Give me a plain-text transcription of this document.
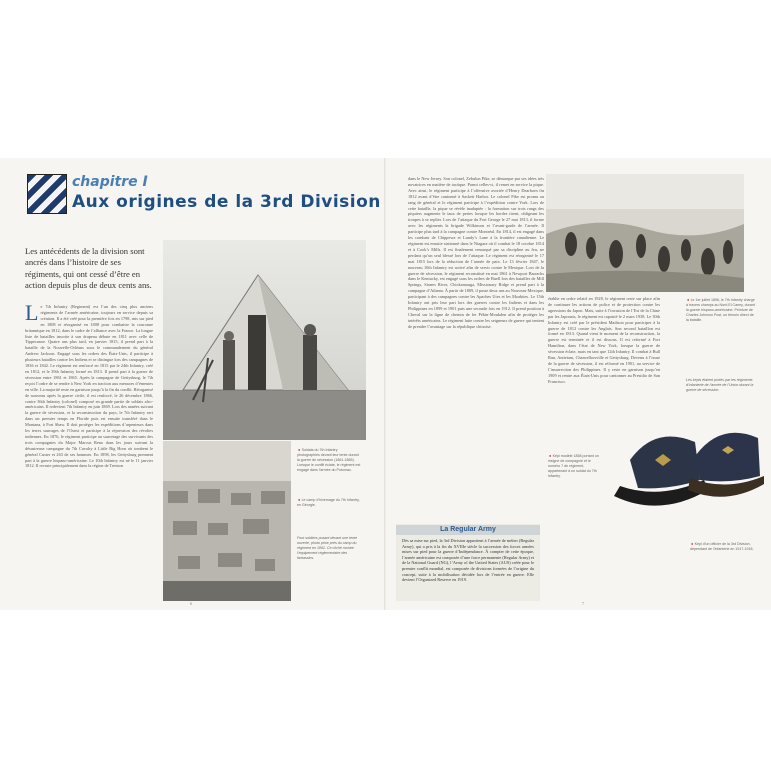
chapitre I
Aux origines de la 3rd Division
Les antécédents de la division sont ancrés dans l’histoire de ses régiments, qui ont cessé d’être en action depuis plus de deux cents ans.
Le 7th Infantry (Regiment) est l’un des cinq plus anciens régiments de l’armée américaine, toujours en service depuis sa création. Il a été créé pour la première fois en 1798, mis sur pied en 1808 et réorganisé en 1808 pour combattre la couronne britannique en 1812, dans le cadre de l’alliance avec la France. La longue liste de batailles inscrite à son drapeau débute en 1811 avec celle de Tippecanoe. Quatre ans plus tard, en janvier 1815, il prend part à la bataille de la Nouvelle-Orléans sous le commandement du général Andrew Jackson. Engagé sous les ordres des États-Unis, il participe à plusieurs batailles contre les Indiens et se distingue lors des campagnes de 1836 et 1842. Le régiment est renforcé en 1815 par le 24th Infantry, créé en 1812, et le 39th Infantry formé en 1813. Il prend part à la guerre de sécession entre 1861 et 1865. Après la campagne de Gettysburg, le 7th reçoit l’ordre de se rendre à New York en traction aux menaces d’émeutes en ville. La majorité reste en garnison jusqu’à la fin du conflit. Réorganisé de nouveau après la guerre civile, il est renforcé, le 26 décembre 1866, contre 36th Infantry (colonel) composé en grande partie de soldats afro-américains. Il redevient 7th Infantry en juin 1869. Lors des années suivant la guerre de sécession, et la reconstruction du pays, le 7th Infantry sert dans un premier temps en Floride puis est ensuite transféré dans le Montana, à Fort Shaw. Il doit protéger les expéditions d’arpenteurs dans les terres sauvages de l’Ouest et participe à la répression des révoltes indiennes. En 1876, le régiment participe au sauvetage des survivants des trois compagnies du Major Marcus Reno dans les jours suivant la désastreuse campagne du 7th Cavalry à Little Big Horn où tombent le général Custer et 263 de ses hommes. En 1898, les Gettysburg prennent part à la guerre hispano-américaine. Le 10th Infantry est né le 11 janvier 1812. Il recrute principalement dans la région de Trenton
◄ Soldats du 7th Infantry photographiés devant leur tente durant la guerre de sécession (1861-1865). Lorsque le conflit éclate, le régiment est engagé dans l’armée du Potomac.
◄ Le camp d’hivernage du 7th Infantry, en Géorgie.
Foot soldiers posant devant une tente ouverte, photo prise près du camp du régiment en 1862. Ce cliché montre l’équipement réglementaire des fantassins.
6
dans le New Jersey. Son colonel, Zebulon Pike, se démarque par ses idées très novatrices en matière de tactique. Parmi celles-ci, il remet en service la pique. Avec ainsi, le régiment participe à l’offensive avortée d’Henry Dearborn fin 1812 avant d’être cantonné à Sackett Harbor. Le colonel Pike est promu au rang de général et le régiment participe à l’expédition contre York. Lors de cette bataille, la pique se révèle inadaptée : la formation sur trois rangs des piquiers augmente le taux de pertes lorsque les hordes tirent, obligeant les troupes à se replier. Lors de l’attaque du Fort George le 27 mai 1813, il forme avec les régiments la brigade Wilkinson et l’avant-garde de l’armée. Il participe plus tard à la campagne contre Montréal. En 1814, il est engagé dans les combats de Chippewa et Lundy’s Lane à la frontière canadienne. Le régiment est ensuite stationné dans le Niagara où il combat le 18 octobre 1814 et à Cook’s Mills. Il est finalement remarqué par sa discipline au feu, ne perdant qu’un seul blessé lors de l’attaque. Le régiment est réorganisé le 17 mai 1815 lors de la réduction de l’armée de paix. Le 13 février 1847, le nouveau 10th Infantry est activé afin de servir contre le Mexique. Lors de la guerre de sécession, le régiment reconstitué en mai 1861 à Newport Barracks dans le Kentucky, est engagé sous les ordres de Buell lors des batailles de Mill Springs, Stones River, Chickamauga, Missionary Ridge et prend part à la campagne d’Atlanta. À partir de 1869, il passe deux ans au Nouveau-Mexique, participant à des campagnes contre les Apaches Utes et les Moabites. Le 15th Infantry ont pris leur part lors des guerres contre les Indiens et dans les Philippines en 1899 et 1901 puis une seconde fois en 1912. Il prend position à Cheval sur la ligne de chemin de fer Pékin-Moukden afin de protéger les intérêts américains. Le régiment lutte contre les seigneurs de guerre qui tentent de prendre l’avantage sur la république chinoise.
établie en ordre relatif en 1928, le régiment reste sur place afin de continuer les actions de police et de protection contre les agressions du Japon. Mais, suite à l’invasion de l’Est de la Chine par les Japonais, le régiment est rapatrié le 2 mars 1938. Le 30th Infantry est créé par le président Madison pour participer à la guerre de 1812 contre les Anglais. Son second bataillon est formé en 1813. Quand vient le moment de la reconstruction, la guerre est terminée et il est dissous. Il est reformé à Fort Hamilton, dans l’état de New York, lorsque la guerre de sécession éclate, mais en tant que 12th Infantry. Il combat à Bull Run, Antietam, Chancellorsville et Gettysburg. Devenu à l’issue de la guerre de sécession, il est réformé en 1901, au service de l’insurrection des Philippines. Il y reste en garnison jusqu’en 1909 et rentre aux États-Unis pour cantonner au Presidio de San Francisco.
◄ Le 1er juillet 1898, le 7th Infantry charge à travers champs au Nord El Caney, durant la guerre hispano-américaine. Peinture de Charles Johnson Post, un témoin direct de la bataille.
Les képis étaient portés par les régiments d’infanterie de l’armée de l’Union durant la guerre de sécession.
◄ Képi modèle 1858 portant un insigne de compagnie et le numéro 7 de régiment, appartenant à un soldat du 7th Infantry.
◄ Képi d’un officier de la 3rd Division, dépendant de l’infanterie en 1917-1918.
7
La Regular Army
Dès sa mise sur pied, la 3rd Division appartient à l’armée de métier (Regular Army), qui a pris à la fin du XVIIIe siècle la succession des forces armées mises sur pied pour la guerre d’Indépendance. À compter de cette époque, l’armée américaine est composée d’une force permanente (Regular Army) et de la National Guard (NG), l’Army of the United States (AUS) créée pour le premier conflit mondial, est composée de divisions formées de l’origine du concept, suite à la mobilisation décidée lors de l’entrée en guerre. Elle devient l’Organized Reserve en 1919.
